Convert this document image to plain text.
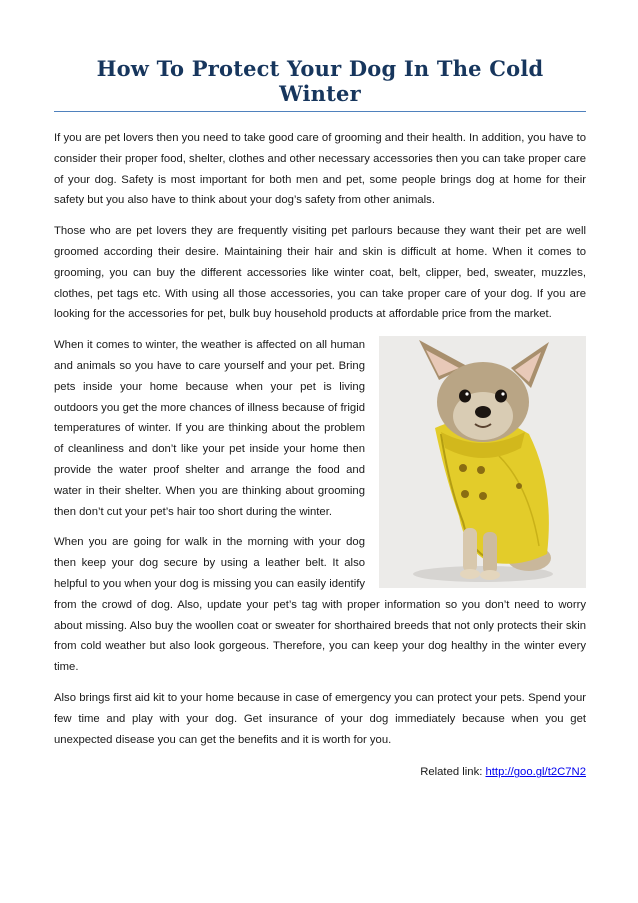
How To Protect Your Dog In The Cold Winter

If you are pet lovers then you need to take good care of grooming and their health. In addition, you have to consider their proper food, shelter, clothes and other necessary accessories then you can take proper care of your dog. Safety is most important for both men and pet, some people brings dog at home for their safety but you also have to think about your dog’s safety from other animals.

Those who are pet lovers they are frequently visiting pet parlours because they want their pet are well groomed according their desire. Maintaining their hair and skin is difficult at home. When it comes to grooming, you can buy the different accessories like winter coat, belt, clipper, bed, sweater, muzzles, clothes, pet tags etc. With using all those accessories, you can take proper care of your dog. If you are looking for the accessories for pet, bulk buy household products at affordable price from the market.

When it comes to winter, the weather is affected on all human and animals so you have to care yourself and your pet. Bring pets inside your home because when your pet is living outdoors you get the more chances of illness because of frigid temperatures of winter. If you are thinking about the problem of cleanliness and don’t like your pet inside your home then provide the water proof shelter and arrange the food and water in their shelter. When you are thinking about grooming then don’t cut your pet’s hair too short during the winter.

When you are going for walk in the morning with your dog then keep your dog secure by using a leather belt. It also helpful to you when your dog is missing you can easily identify from the crowd of dog. Also, update your pet’s tag with proper information so you don’t need to worry about missing. Also buy the woollen coat or sweater for shorthaired breeds that not only protects their skin from cold weather but also look gorgeous. Therefore, you can keep your dog healthy in the winter every time.

Also brings first aid kit to your home because in case of emergency you can protect your pets. Spend your few time and play with your dog. Get insurance of your dog immediately because when you get unexpected disease you can get the benefits and it is worth for you.

Related link: http://goo.gl/t2C7N2
